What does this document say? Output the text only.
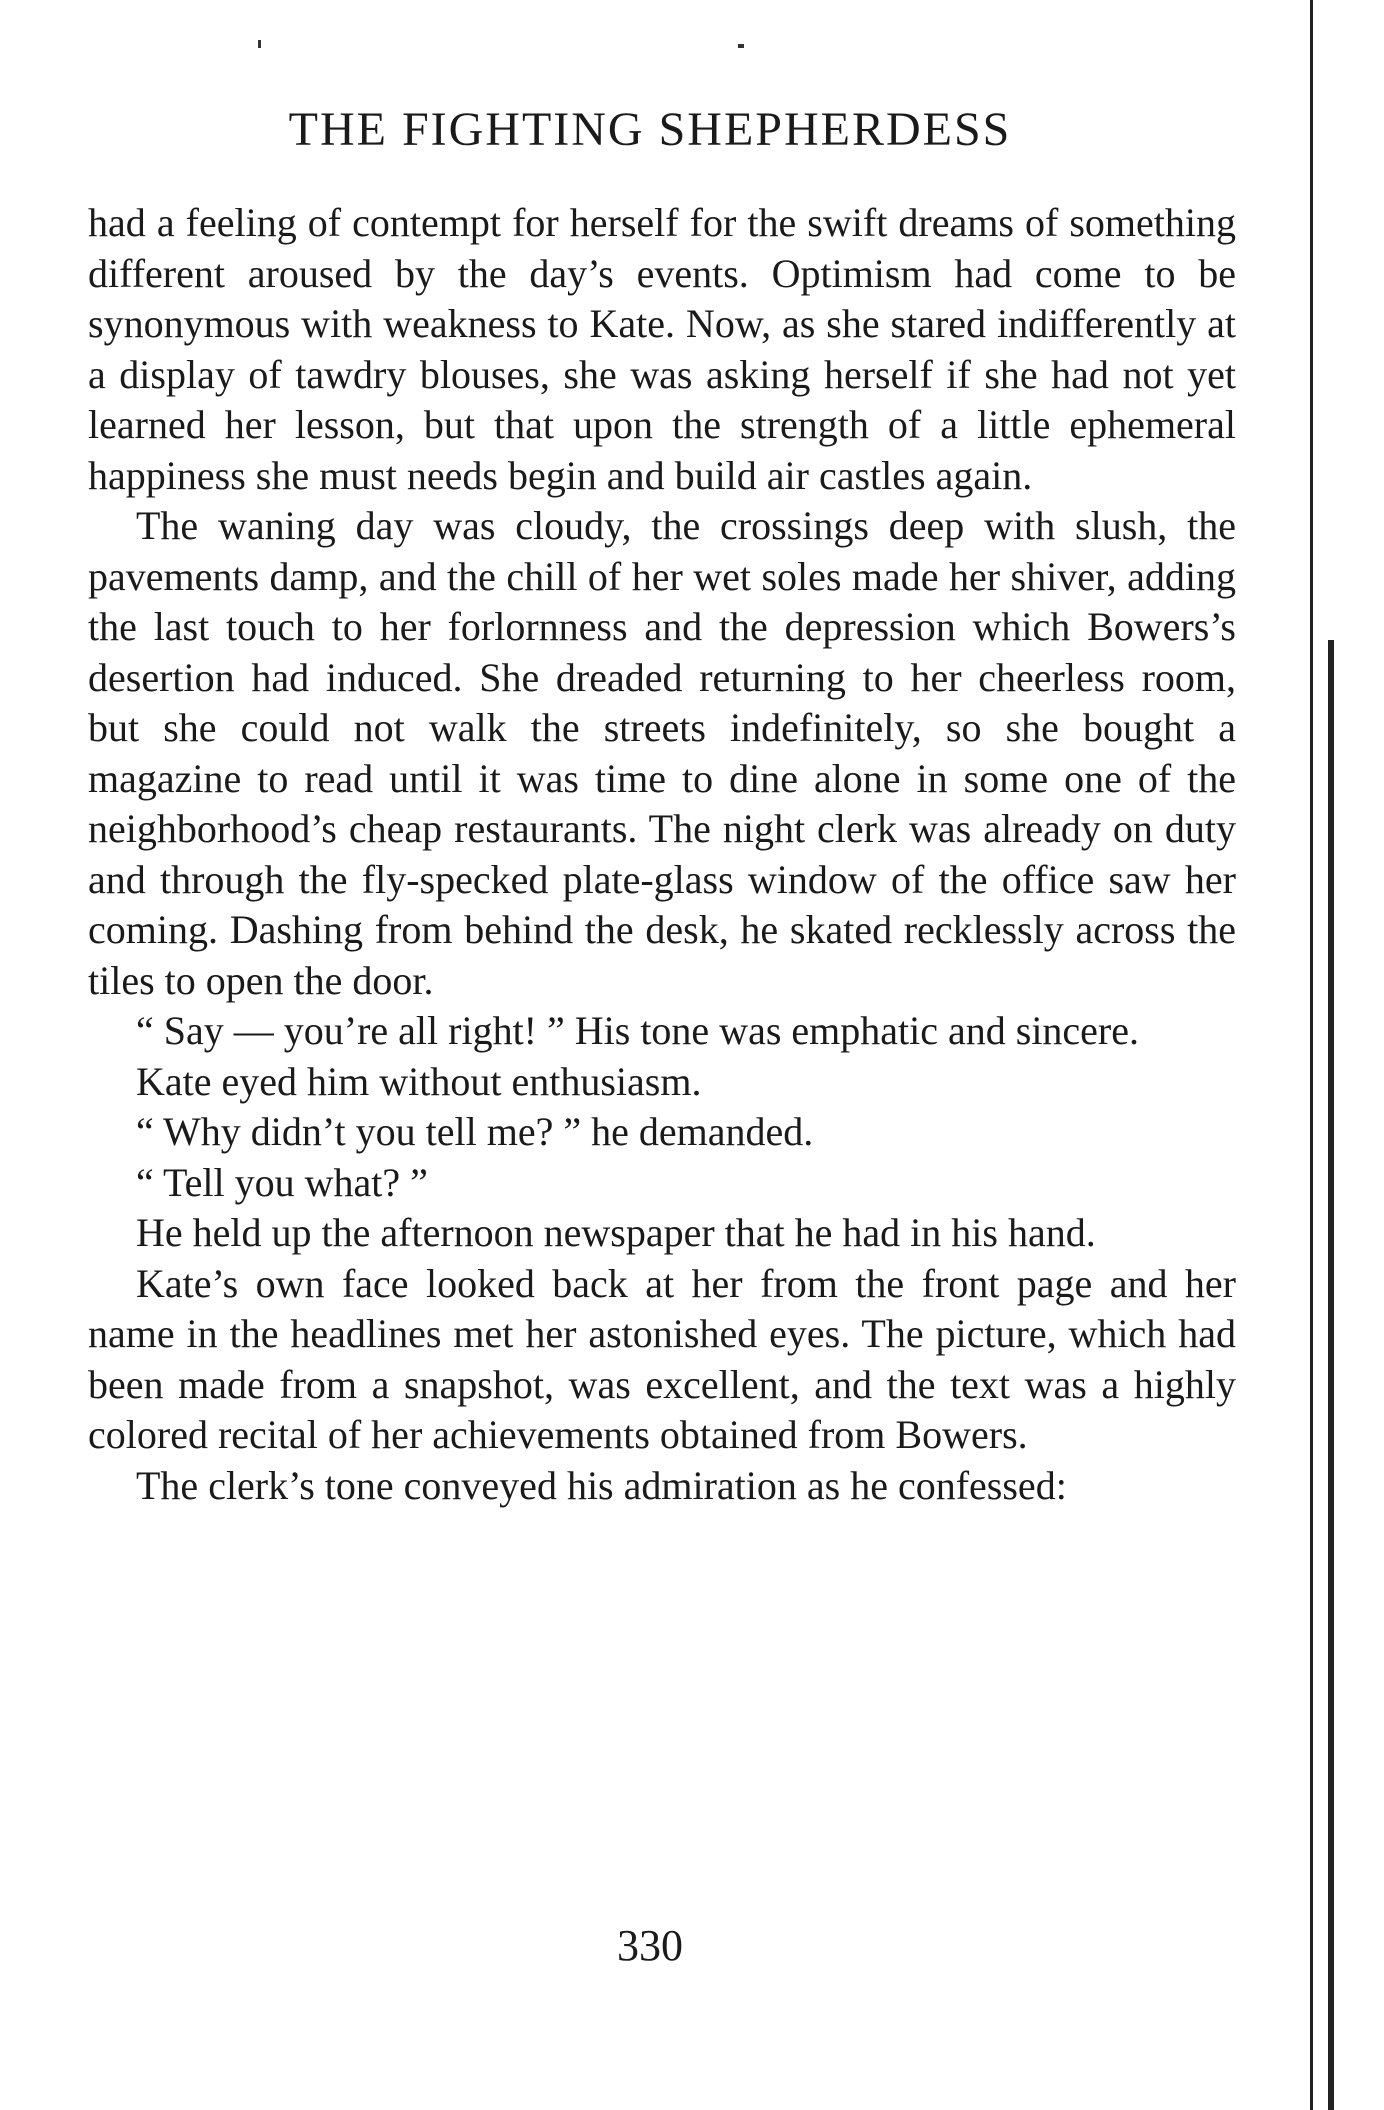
THE FIGHTING SHEPHERDESS

had a feeling of contempt for herself for the swift dreams of something different aroused by the day’s events. Optimism had come to be synonymous with weakness to Kate. Now, as she stared indifferently at a display of tawdry blouses, she was asking herself if she had not yet learned her lesson, but that upon the strength of a little ephemeral happiness she must needs begin and build air castles again.

The waning day was cloudy, the crossings deep with slush, the pavements damp, and the chill of her wet soles made her shiver, adding the last touch to her forlornness and the depression which Bowers’s desertion had induced. She dreaded returning to her cheerless room, but she could not walk the streets indefinitely, so she bought a magazine to read until it was time to dine alone in some one of the neighborhood’s cheap restaurants. The night clerk was already on duty and through the fly-specked plate-glass window of the office saw her coming. Dashing from behind the desk, he skated recklessly across the tiles to open the door.

“ Say — you’re all right! ” His tone was emphatic and sincere.

Kate eyed him without enthusiasm.

“ Why didn’t you tell me? ” he demanded.

“ Tell you what? ”

He held up the afternoon newspaper that he had in his hand.

Kate’s own face looked back at her from the front page and her name in the headlines met her astonished eyes. The picture, which had been made from a snapshot, was excellent, and the text was a highly colored recital of her achievements obtained from Bowers.

The clerk’s tone conveyed his admiration as he confessed:

330
